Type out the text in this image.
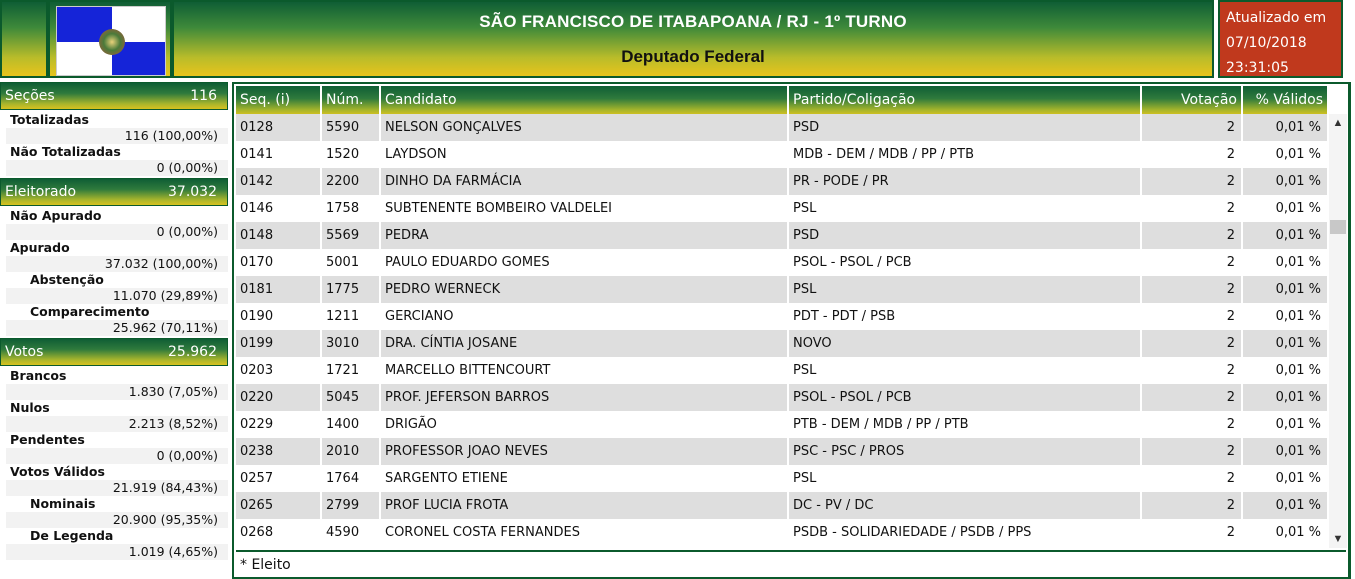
SÃO FRANCISCO DE ITABAPOANA / RJ - 1º TURNO
Deputado Federal
Atualizado em
07/10/2018
23:31:05
Seções	116
Totalizadas
116 (100,00%)
Não Totalizadas
0 (0,00%)
Eleitorado	37.032
Não Apurado
0 (0,00%)
Apurado
37.032 (100,00%)
Abstenção
11.070 (29,89%)
Comparecimento
25.962 (70,11%)
Votos	25.962
Brancos
1.830 (7,05%)
Nulos
2.213 (8,52%)
Pendentes
0 (0,00%)
Votos Válidos
21.919 (84,43%)
Nominais
20.900 (95,35%)
De Legenda
1.019 (4,65%)
Seq. (i)	Núm.	Candidato	Partido/Coligação	Votação	% Válidos
0128	5590	NELSON GONÇALVES	PSD	2	0,01 %
0141	1520	LAYDSON	MDB - DEM / MDB / PP / PTB	2	0,01 %
0142	2200	DINHO DA FARMÁCIA	PR - PODE / PR	2	0,01 %
0146	1758	SUBTENENTE BOMBEIRO VALDELEI	PSL	2	0,01 %
0148	5569	PEDRA	PSD	2	0,01 %
0170	5001	PAULO EDUARDO GOMES	PSOL - PSOL / PCB	2	0,01 %
0181	1775	PEDRO WERNECK	PSL	2	0,01 %
0190	1211	GERCIANO	PDT - PDT / PSB	2	0,01 %
0199	3010	DRA. CÍNTIA JOSANE	NOVO	2	0,01 %
0203	1721	MARCELLO BITTENCOURT	PSL	2	0,01 %
0220	5045	PROF. JEFERSON BARROS	PSOL - PSOL / PCB	2	0,01 %
0229	1400	DRIGÃO	PTB - DEM / MDB / PP / PTB	2	0,01 %
0238	2010	PROFESSOR JOAO NEVES	PSC - PSC / PROS	2	0,01 %
0257	1764	SARGENTO ETIENE	PSL	2	0,01 %
0265	2799	PROF LUCIA FROTA	DC - PV / DC	2	0,01 %
0268	4590	CORONEL COSTA FERNANDES	PSDB - SOLIDARIEDADE / PSDB / PPS	2	0,01 %
▲
▼
* Eleito
